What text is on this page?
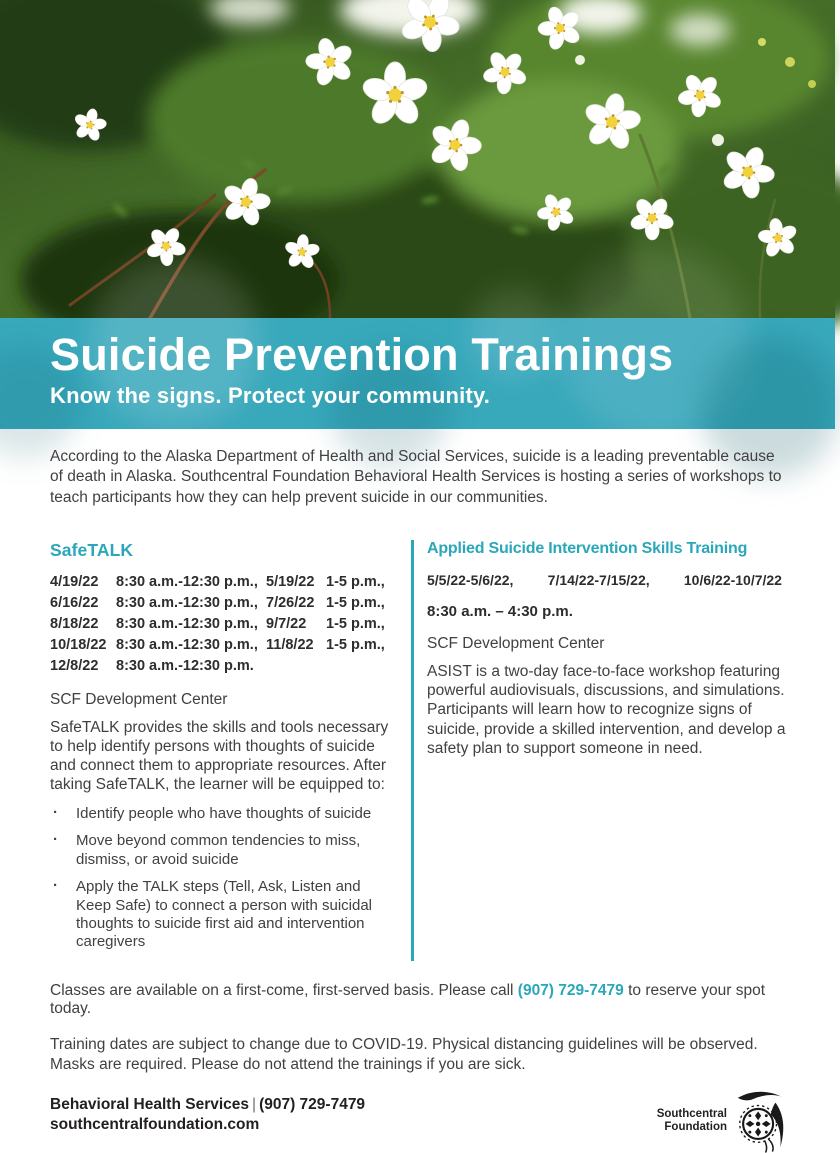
Suicide Prevention Trainings
Know the signs. Protect your community.

According to the Alaska Department of Health and Social Services, suicide is a leading preventable cause of death in Alaska. Southcentral Foundation Behavioral Health Services is hosting a series of workshops to teach participants how they can help prevent suicide in our communities.

SafeTALK
4/19/22	8:30 a.m.-12:30 p.m., 5/19/22 1-5 p.m.,
6/16/22	8:30 a.m.-12:30 p.m., 7/26/22 1-5 p.m.,
8/18/22	8:30 a.m.-12:30 p.m., 9/7/22	1-5 p.m.,
10/18/22 8:30 a.m.-12:30 p.m., 11/8/22 1-5 p.m.,
12/8/22	8:30 a.m.-12:30 p.m.

SCF Development Center

SafeTALK provides the skills and tools necessary to help identify persons with thoughts of suicide and connect them to appropriate resources. After taking SafeTALK, the learner will be equipped to:

· Identify people who have thoughts of suicide
· Move beyond common tendencies to miss, dismiss, or avoid suicide
· Apply the TALK steps (Tell, Ask, Listen and Keep Safe) to connect a person with suicidal thoughts to suicide first aid and intervention caregivers
Applied Suicide Intervention Skills Training
5/5/22-5/6/22, 7/14/22-7/15/22, 10/6/22-10/7/22
8:30 a.m. – 4:30 p.m.

SCF Development Center

ASIST is a two-day face-to-face workshop featuring powerful audiovisuals, discussions, and simulations. Participants will learn how to recognize signs of suicide, provide a skilled intervention, and develop a safety plan to support someone in need.

Classes are available on a first-come, first-served basis. Please call (907) 729-7479 to reserve your spot today.

Training dates are subject to change due to COVID-19. Physical distancing guidelines will be observed. Masks are required. Please do not attend the trainings if you are sick.

Behavioral Health Services | (907) 729-7479
southcentralfoundation.com
Southcentral
Foundation
